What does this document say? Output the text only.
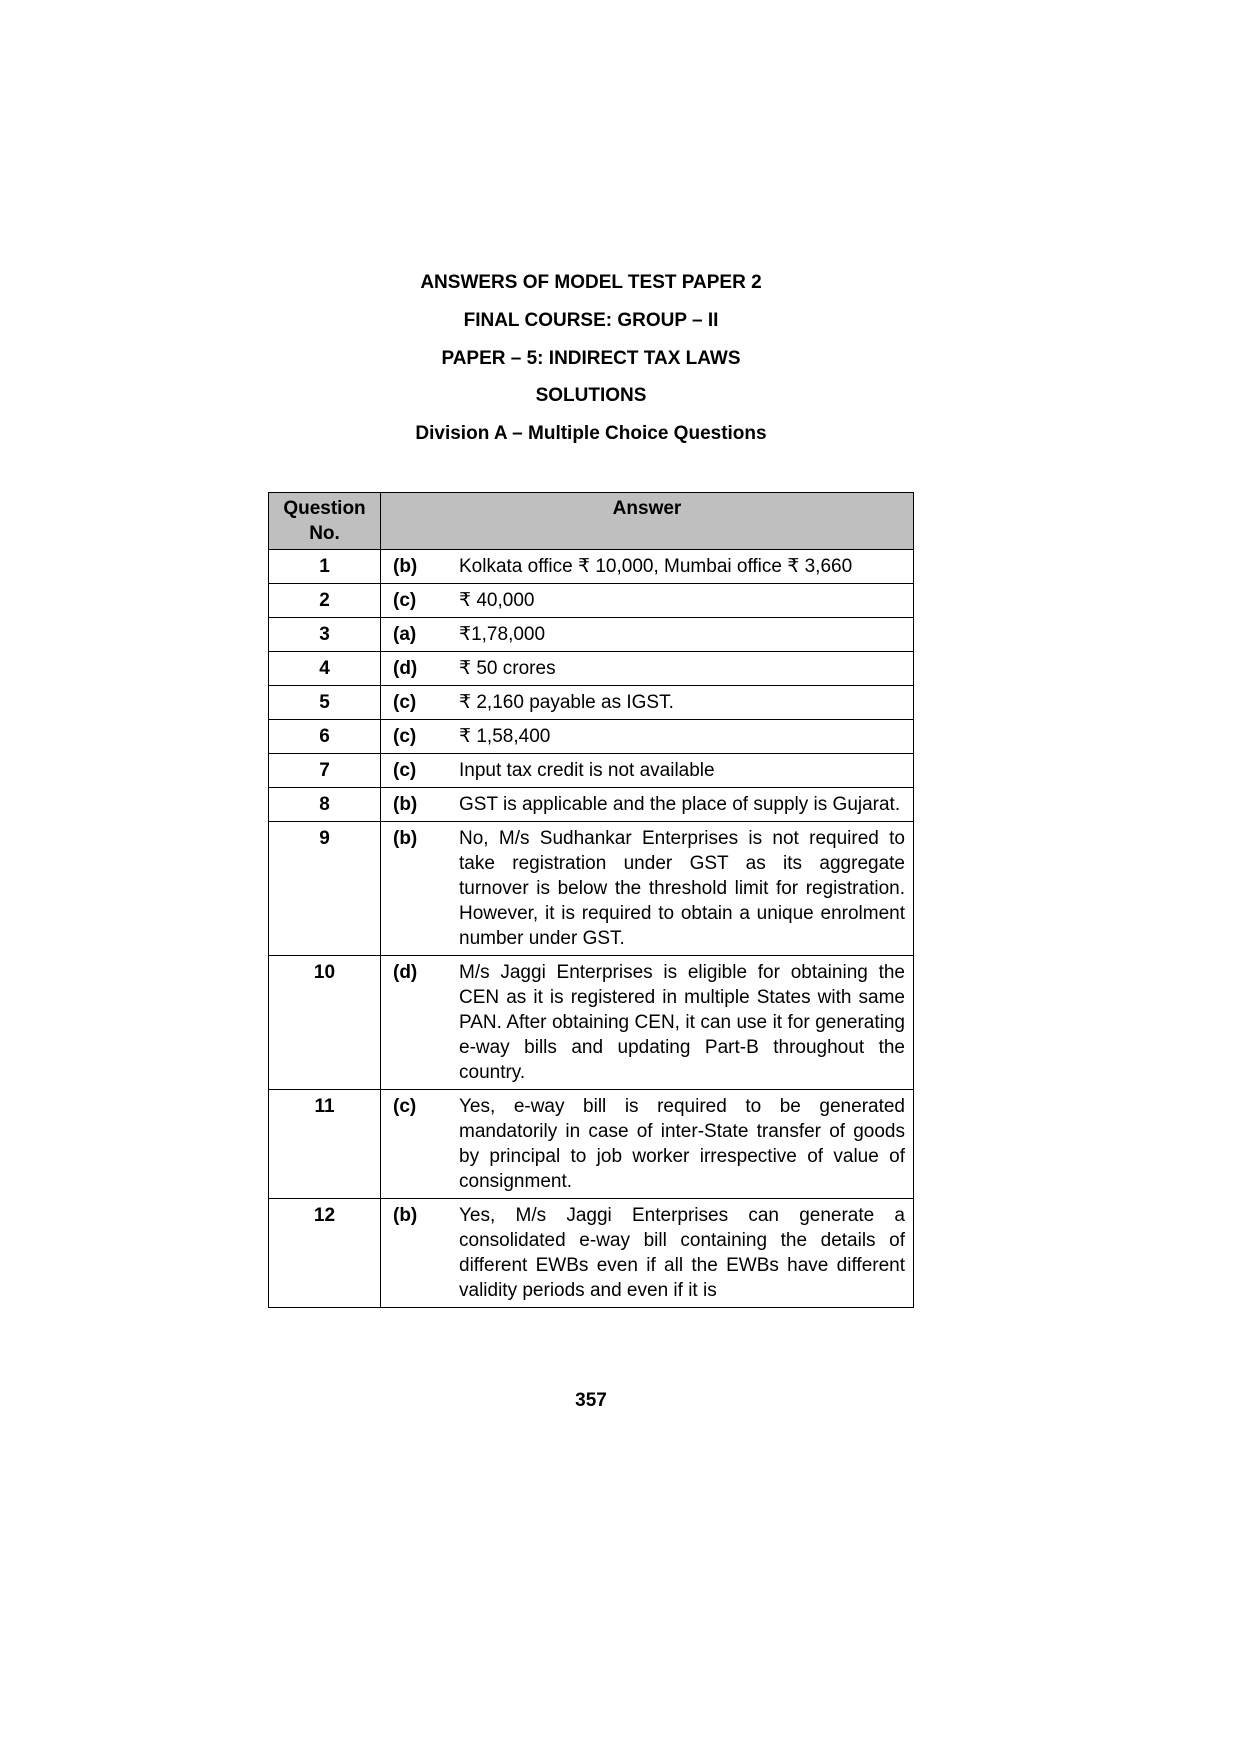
ANSWERS OF MODEL TEST PAPER 2
FINAL COURSE: GROUP – II
PAPER – 5: INDIRECT TAX LAWS
SOLUTIONS
Division A – Multiple Choice Questions
Question No.	Answer
1	(b) Kolkata office ₹ 10,000, Mumbai office ₹ 3,660

2	(c) ₹ 40,000

3	(a) ₹1,78,000

4	(d) ₹ 50 crores

5	(c) ₹ 2,160 payable as IGST.

6	(c) ₹ 1,58,400

7	(c) Input tax credit is not available

8	(b) GST is applicable and the place of supply is Gujarat.

9	(b) No, M/s Sudhankar Enterprises is not required to take registration under GST as its aggregate turnover is below the threshold limit for registration. However, it is required to obtain a unique enrolment number under GST.

10	(d) M/s Jaggi Enterprises is eligible for obtaining the CEN as it is registered in multiple States with same PAN. After obtaining CEN, it can use it for generating e-way bills and updating Part-B throughout the country.

11	(c) Yes, e-way bill is required to be generated mandatorily in case of inter-State transfer of goods by principal to job worker irrespective of value of consignment.

12	(b) Yes, M/s Jaggi Enterprises can generate a consolidated e-way bill containing the details of different EWBs even if all the EWBs have different validity periods and even if it is
357
